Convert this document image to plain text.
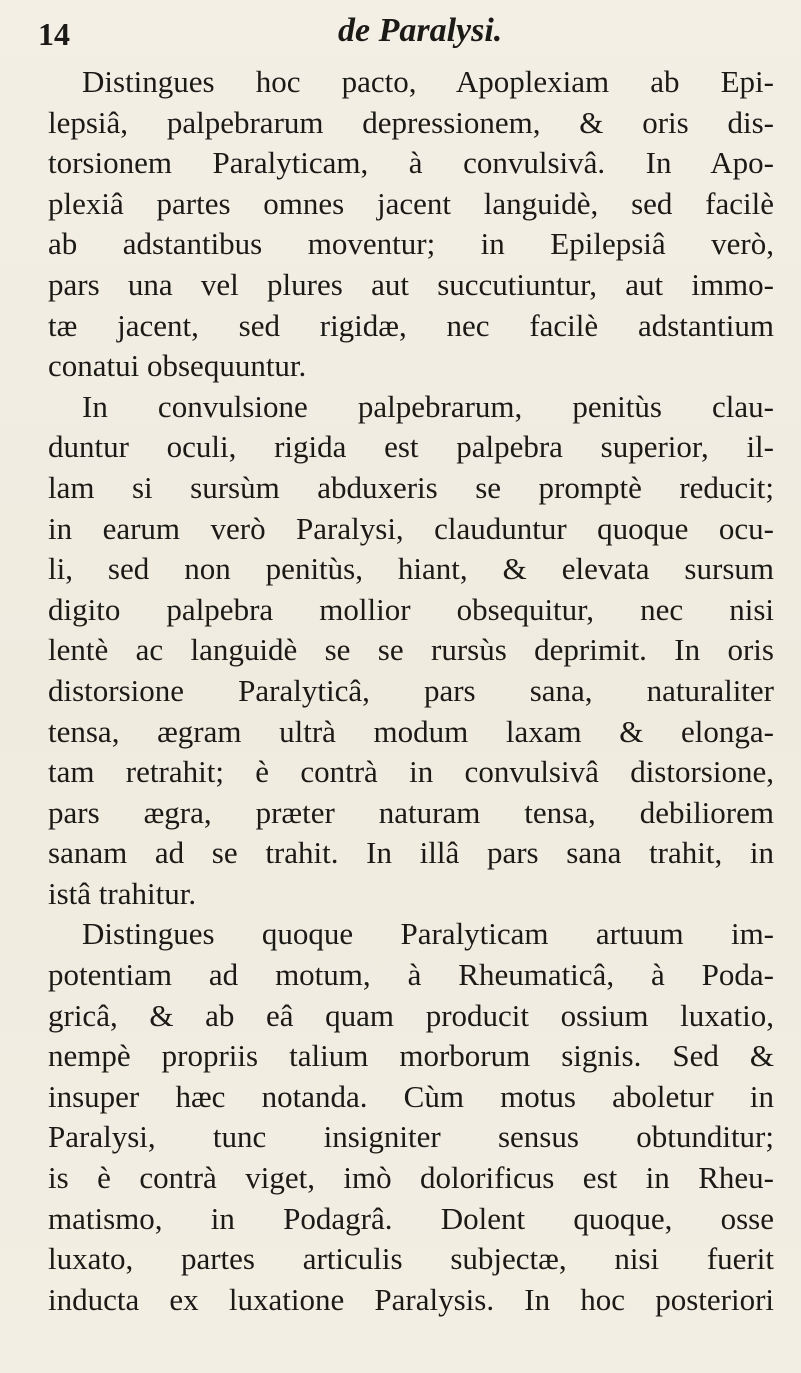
14	de Paralysi.
Distingues hoc pacto, Apoplexiam ab Epi-
lepsiâ, palpebrarum depressionem, & oris dis-
torsionem Paralyticam, à convulsivâ. In Apo-
plexiâ partes omnes jacent languidè, sed facilè
ab adstantibus moventur; in Epilepsiâ verò,
pars una vel plures aut succutiuntur, aut immo-
tæ jacent, sed rigidæ, nec facilè adstantium
conatui obsequuntur.
In convulsione palpebrarum, penitùs clau-
duntur oculi, rigida est palpebra superior, il-
lam si sursùm abduxeris se promptè reducit;
in earum verò Paralysi, clauduntur quoque ocu-
li, sed non penitùs, hiant, & elevata sursum
digito palpebra mollior obsequitur, nec nisi
lentè ac languidè se se rursùs deprimit. In oris
distorsione Paralyticâ, pars sana, naturaliter
tensa, ægram ultrà modum laxam & elonga-
tam retrahit; è contrà in convulsivâ distorsione,
pars ægra, præter naturam tensa, debiliorem
sanam ad se trahit. In illâ pars sana trahit, in
istâ trahitur.
Distingues quoque Paralyticam artuum im-
potentiam ad motum, à Rheumaticâ, à Poda-
gricâ, & ab eâ quam producit ossium luxatio,
nempè propriis talium morborum signis. Sed &
insuper hæc notanda. Cùm motus aboletur in
Paralysi, tunc insigniter sensus obtunditur;
is è contrà viget, imò dolorificus est in Rheu-
matismo, in Podagrâ. Dolent quoque, osse
luxato, partes articulis subjectæ, nisi fuerit
inducta ex luxatione Paralysis. In hoc posteriori
